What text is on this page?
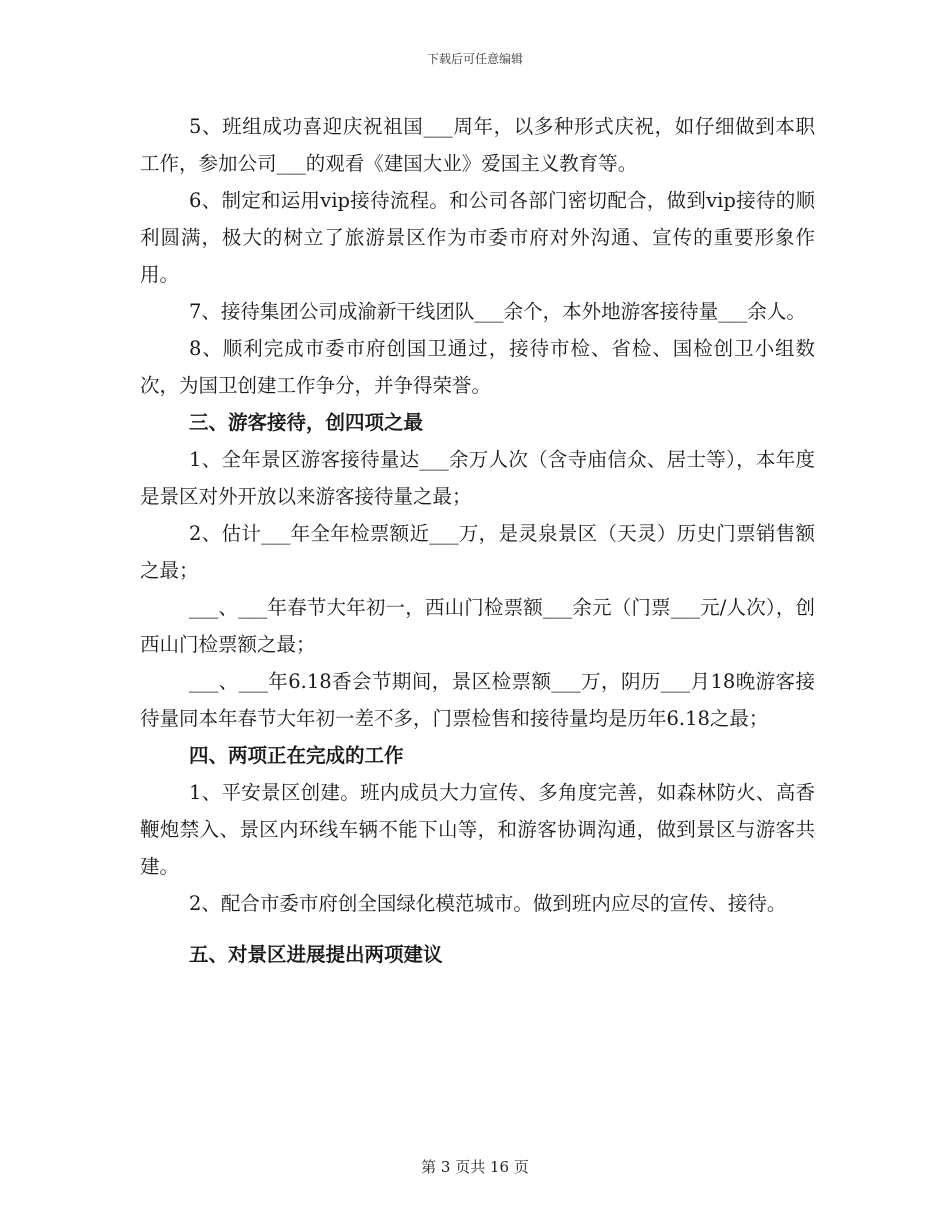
下载后可任意编辑

5、班组成功喜迎庆祝祖国___周年，以多种形式庆祝，如仔细做到本职工作，参加公司___的观看《建国大业》爱国主义教育等。

6、制定和运用vip接待流程。和公司各部门密切配合，做到vip接待的顺利圆满，极大的树立了旅游景区作为市委市府对外沟通、宣传的重要形象作用。

7、接待集团公司成渝新干线团队___余个，本外地游客接待量___余人。

8、顺利完成市委市府创国卫通过，接待市检、省检、国检创卫小组数次，为国卫创建工作争分，并争得荣誉。

三、游客接待，创四项之最

1、全年景区游客接待量达___余万人次（含寺庙信众、居士等），本年度是景区对外开放以来游客接待量之最；

2、估计___年全年检票额近___万，是灵泉景区（天灵）历史门票销售额之最；

___、___年春节大年初一，西山门检票额___余元（门票___元/人次），创西山门检票额之最；

___、___年6.18香会节期间，景区检票额___万，阴历___月18晚游客接待量同本年春节大年初一差不多，门票检售和接待量均是历年6.18之最；

四、两项正在完成的工作

1、平安景区创建。班内成员大力宣传、多角度完善，如森林防火、高香鞭炮禁入、景区内环线车辆不能下山等，和游客协调沟通，做到景区与游客共建。

2、配合市委市府创全国绿化模范城市。做到班内应尽的宣传、接待。

五、对景区进展提出两项建议

第 3 页共 16 页
